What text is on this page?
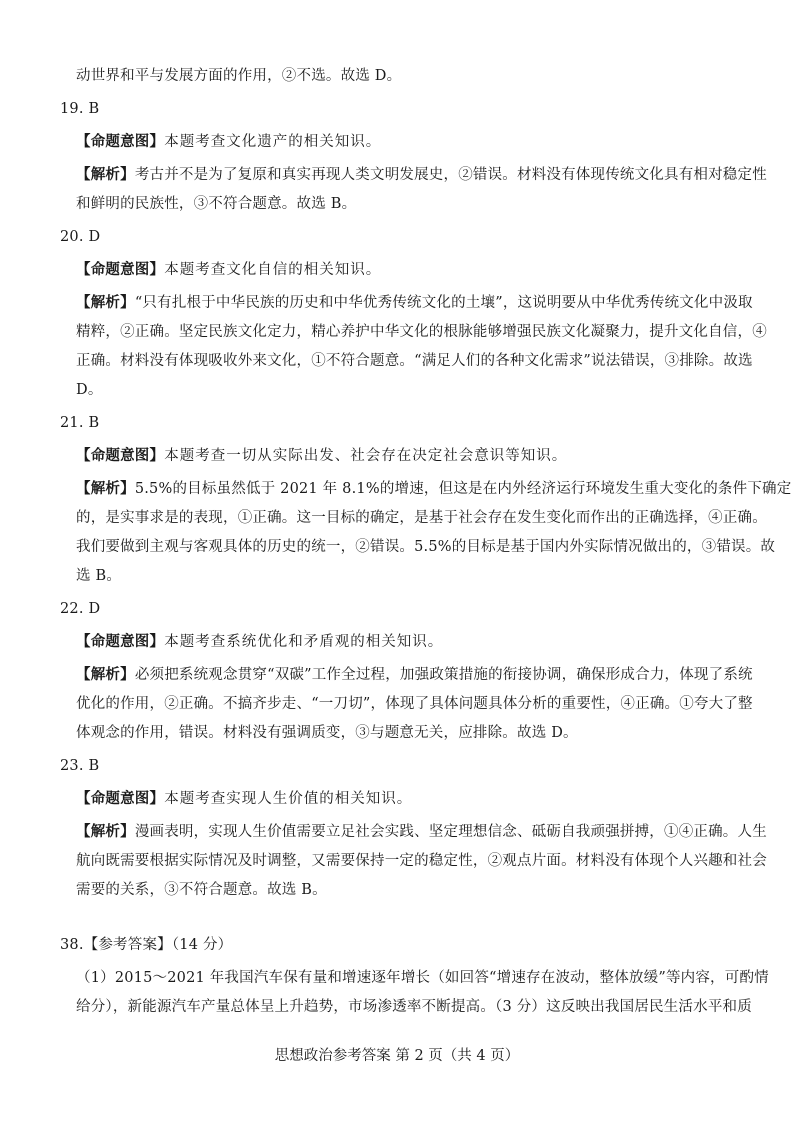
动世界和平与发展方面的作用，②不选。故选 D。
19. B
【命题意图】本题考查文化遗产的相关知识。
【解析】考古并不是为了复原和真实再现人类文明发展史，②错误。材料没有体现传统文化具有相对稳定性
和鲜明的民族性，③不符合题意。故选 B。
20. D
【命题意图】本题考查文化自信的相关知识。
【解析】“只有扎根于中华民族的历史和中华优秀传统文化的土壤”，这说明要从中华优秀传统文化中汲取
精粹，②正确。坚定民族文化定力，精心养护中华文化的根脉能够增强民族文化凝聚力，提升文化自信，④
正确。材料没有体现吸收外来文化，①不符合题意。“满足人们的各种文化需求”说法错误，③排除。故选
D。
21. B
【命题意图】本题考查一切从实际出发、社会存在决定社会意识等知识。
【解析】5.5%的目标虽然低于 2021 年 8.1%的增速，但这是在内外经济运行环境发生重大变化的条件下确定
的，是实事求是的表现，①正确。这一目标的确定，是基于社会存在发生变化而作出的正确选择，④正确。
我们要做到主观与客观具体的历史的统一，②错误。5.5%的目标是基于国内外实际情况做出的，③错误。故
选 B。
22. D
【命题意图】本题考查系统优化和矛盾观的相关知识。
【解析】必须把系统观念贯穿“双碳”工作全过程，加强政策措施的衔接协调，确保形成合力，体现了系统
优化的作用，②正确。不搞齐步走、“一刀切”，体现了具体问题具体分析的重要性，④正确。①夸大了整
体观念的作用，错误。材料没有强调质变，③与题意无关，应排除。故选 D。
23. B
【命题意图】本题考查实现人生价值的相关知识。
【解析】漫画表明，实现人生价值需要立足社会实践、坚定理想信念、砥砺自我顽强拼搏，①④正确。人生
航向既需要根据实际情况及时调整，又需要保持一定的稳定性，②观点片面。材料没有体现个人兴趣和社会
需要的关系，③不符合题意。故选 B。
38.【参考答案】（14 分）
（1）2015～2021 年我国汽车保有量和增速逐年增长（如回答“增速存在波动，整体放缓”等内容，可酌情
给分），新能源汽车产量总体呈上升趋势，市场渗透率不断提高。（3 分）这反映出我国居民生活水平和质
思想政治参考答案 第 2 页（共 4 页）
